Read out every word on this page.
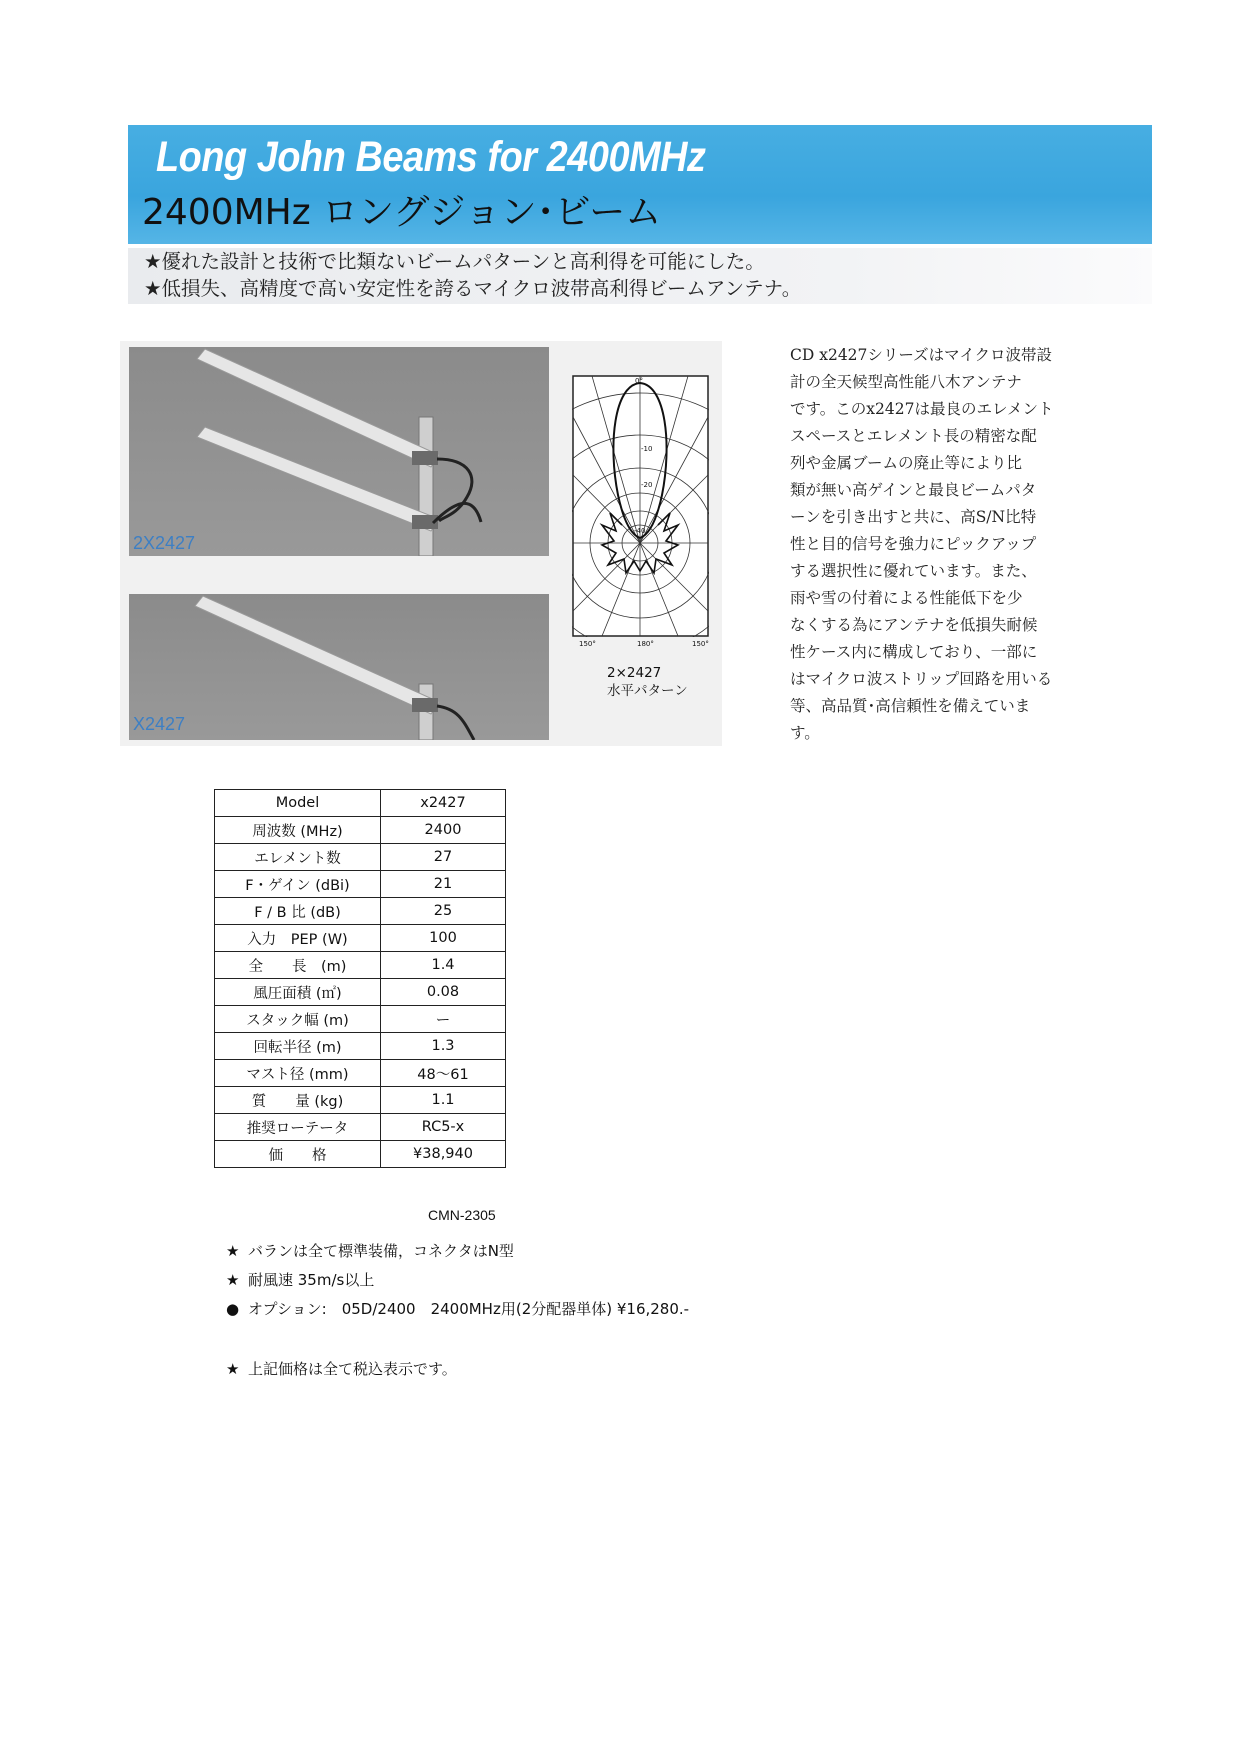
Long John Beams for 2400MHz
2400MHz ロングジョン･ビーム
★優れた設計と技術で比類ないビームパターンと高利得を可能にした。
★低損失、高精度で高い安定性を誇るマイクロ波帯高利得ビームアンテナ。
2X2427
X2427
0°
-10
-20
-40
150°	180°	150°
2×2427
水平パターン
CD x2427シリーズはマイクロ波帯設
計の全天候型高性能八木アンテナ
です。このx2427は最良のエレメント
スペースとエレメント長の精密な配
列や金属ブームの廃止等により比
類が無い高ゲインと最良ビームパタ
ーンを引き出すと共に、高S/N比特
性と目的信号を強力にピックアップ
する選択性に優れています。また、
雨や雪の付着による性能低下を少
なくする為にアンテナを低損失耐候
性ケース内に構成しており、一部に
はマイクロ波ストリップ回路を用いる
等、高品質･高信頼性を備えていま
す。
Model	x2427
周波数 (MHz)	2400
エレメント数	27
F・ゲイン (dBi)	21
F / B 比 (dB)	25
入力　PEP (W)	100
全　　長　(m)	1.4
風圧面積 (㎡)	0.08
スタック幅 (m)	ー
回転半径 (m)	1.3
マスト径 (mm)	48～61
質　　量 (kg)	1.1
推奨ローテータ	RC5-x
価　　格	¥38,940
CMN-2305
★ バランは全て標準装備，コネクタはN型
★ 耐風速 35m/s以上
● オプション:　05D/2400　2400MHz用(2分配器単体) ¥16,280.-
★ 上記価格は全て税込表示です。
